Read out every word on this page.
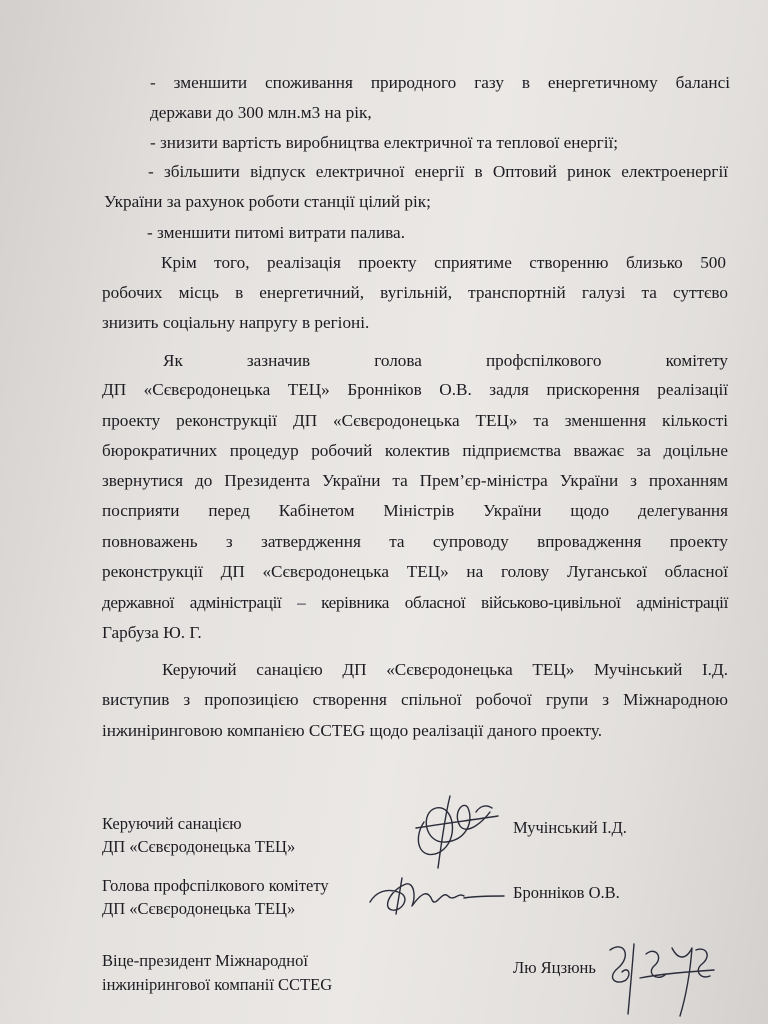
- зменшити споживання природного газу в енергетичному балансі
держави до 300 млн.м3 на рік,
- знизити вартість виробництва електричної та теплової енергії;
- збільшити відпуск електричної енергії в Оптовий ринок електроенергії
України за рахунок роботи станції цілий рік;
- зменшити питомі витрати палива.
Крім того, реалізація проекту сприятиме створенню близько 500
робочих місць в енергетичний, вугільній, транспортній галузі та суттєво
знизить соціальну напругу в регіоні.
Як зазначив голова профспілкового комітету
ДП «Сєвєродонецька ТЕЦ» Бронніков О.В. задля прискорення реалізації
проекту реконструкції ДП «Сєвєродонецька ТЕЦ» та зменшення кількості
бюрократичних процедур робочий колектив підприємства вважає за доцільне
звернутися до Президента України та Прем’єр-міністра України з проханням
посприяти перед Кабінетом Міністрів України щодо делегування
повноважень з затвердження та супроводу впровадження проекту
реконструкції ДП «Сєвєродонецька ТЕЦ» на голову Луганської обласної
державної адміністрації – керівника обласної військово-цивільної адміністрації
Гарбуза Ю. Г.
Керуючий санацією ДП «Сєвєродонецька ТЕЦ» Мучінський І.Д.
виступив з пропозицією створення спільної робочої групи з Міжнародною
інжиніринговою компанією CCTEG щодо реалізації даного проекту.
Керуючий санацією
ДП «Сєвєродонецька ТЕЦ»
Мучінський І.Д.
Голова профспілкового комітету
ДП «Сєвєродонецька ТЕЦ»
Бронніков О.В.
Віце-президент Міжнародної
інжинірингової компанії CCTEG
Лю Яцзюнь
